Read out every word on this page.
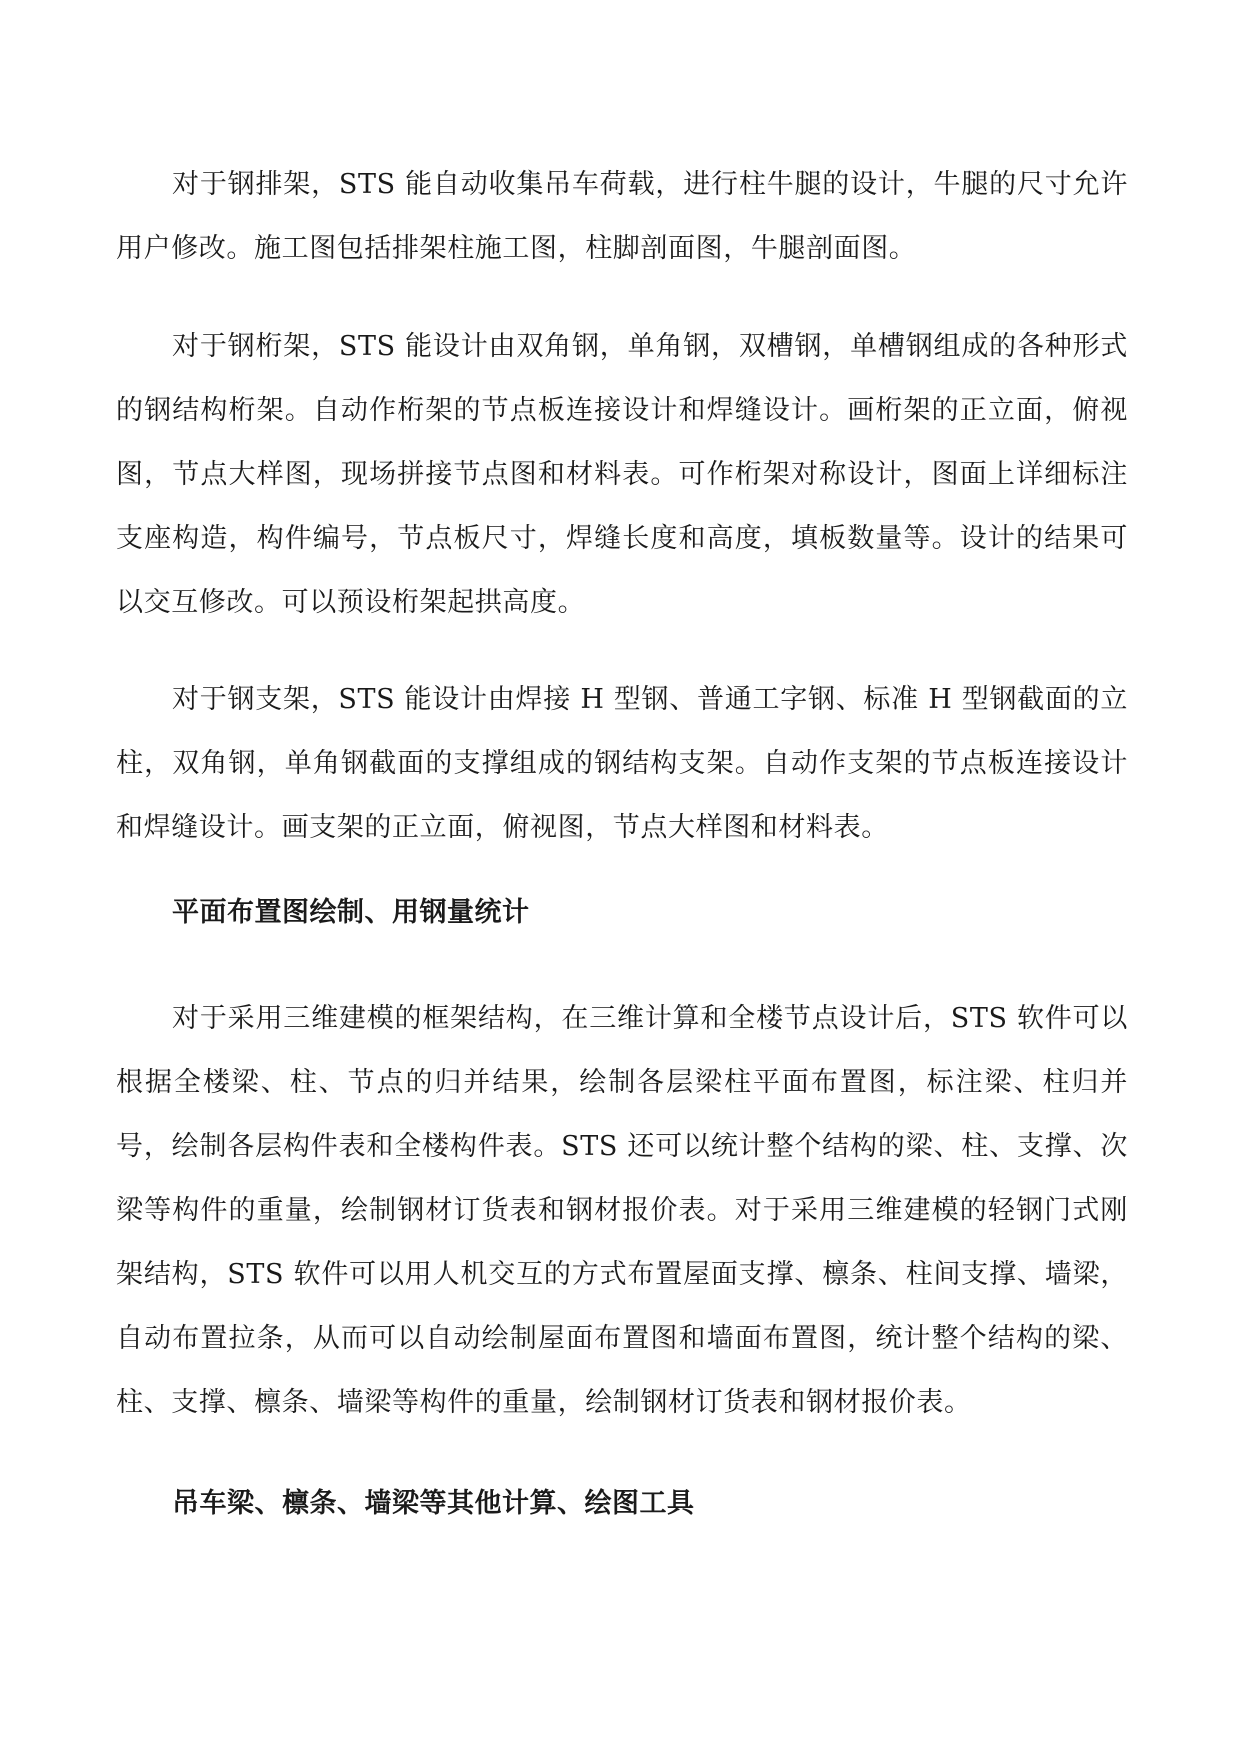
对于钢排架，STS 能自动收集吊车荷载，进行柱牛腿的设计，牛腿的尺寸允许用户修改。施工图包括排架柱施工图，柱脚剖面图，牛腿剖面图。

对于钢桁架，STS 能设计由双角钢，单角钢，双槽钢，单槽钢组成的各种形式的钢结构桁架。自动作桁架的节点板连接设计和焊缝设计。画桁架的正立面，俯视图，节点大样图，现场拼接节点图和材料表。可作桁架对称设计，图面上详细标注支座构造，构件编号，节点板尺寸，焊缝长度和高度，填板数量等。设计的结果可以交互修改。可以预设桁架起拱高度。

对于钢支架，STS 能设计由焊接 H 型钢、普通工字钢、标准 H 型钢截面的立柱，双角钢，单角钢截面的支撑组成的钢结构支架。自动作支架的节点板连接设计和焊缝设计。画支架的正立面，俯视图，节点大样图和材料表。

平面布置图绘制、用钢量统计

对于采用三维建模的框架结构，在三维计算和全楼节点设计后，STS 软件可以根据全楼梁、柱、节点的归并结果，绘制各层梁柱平面布置图，标注梁、柱归并号，绘制各层构件表和全楼构件表。STS 还可以统计整个结构的梁、柱、支撑、次梁等构件的重量，绘制钢材订货表和钢材报价表。对于采用三维建模的轻钢门式刚架结构，STS 软件可以用人机交互的方式布置屋面支撑、檩条、柱间支撑、墙梁，自动布置拉条，从而可以自动绘制屋面布置图和墙面布置图，统计整个结构的梁、柱、支撑、檩条、墙梁等构件的重量，绘制钢材订货表和钢材报价表。

吊车梁、檩条、墙梁等其他计算、绘图工具
